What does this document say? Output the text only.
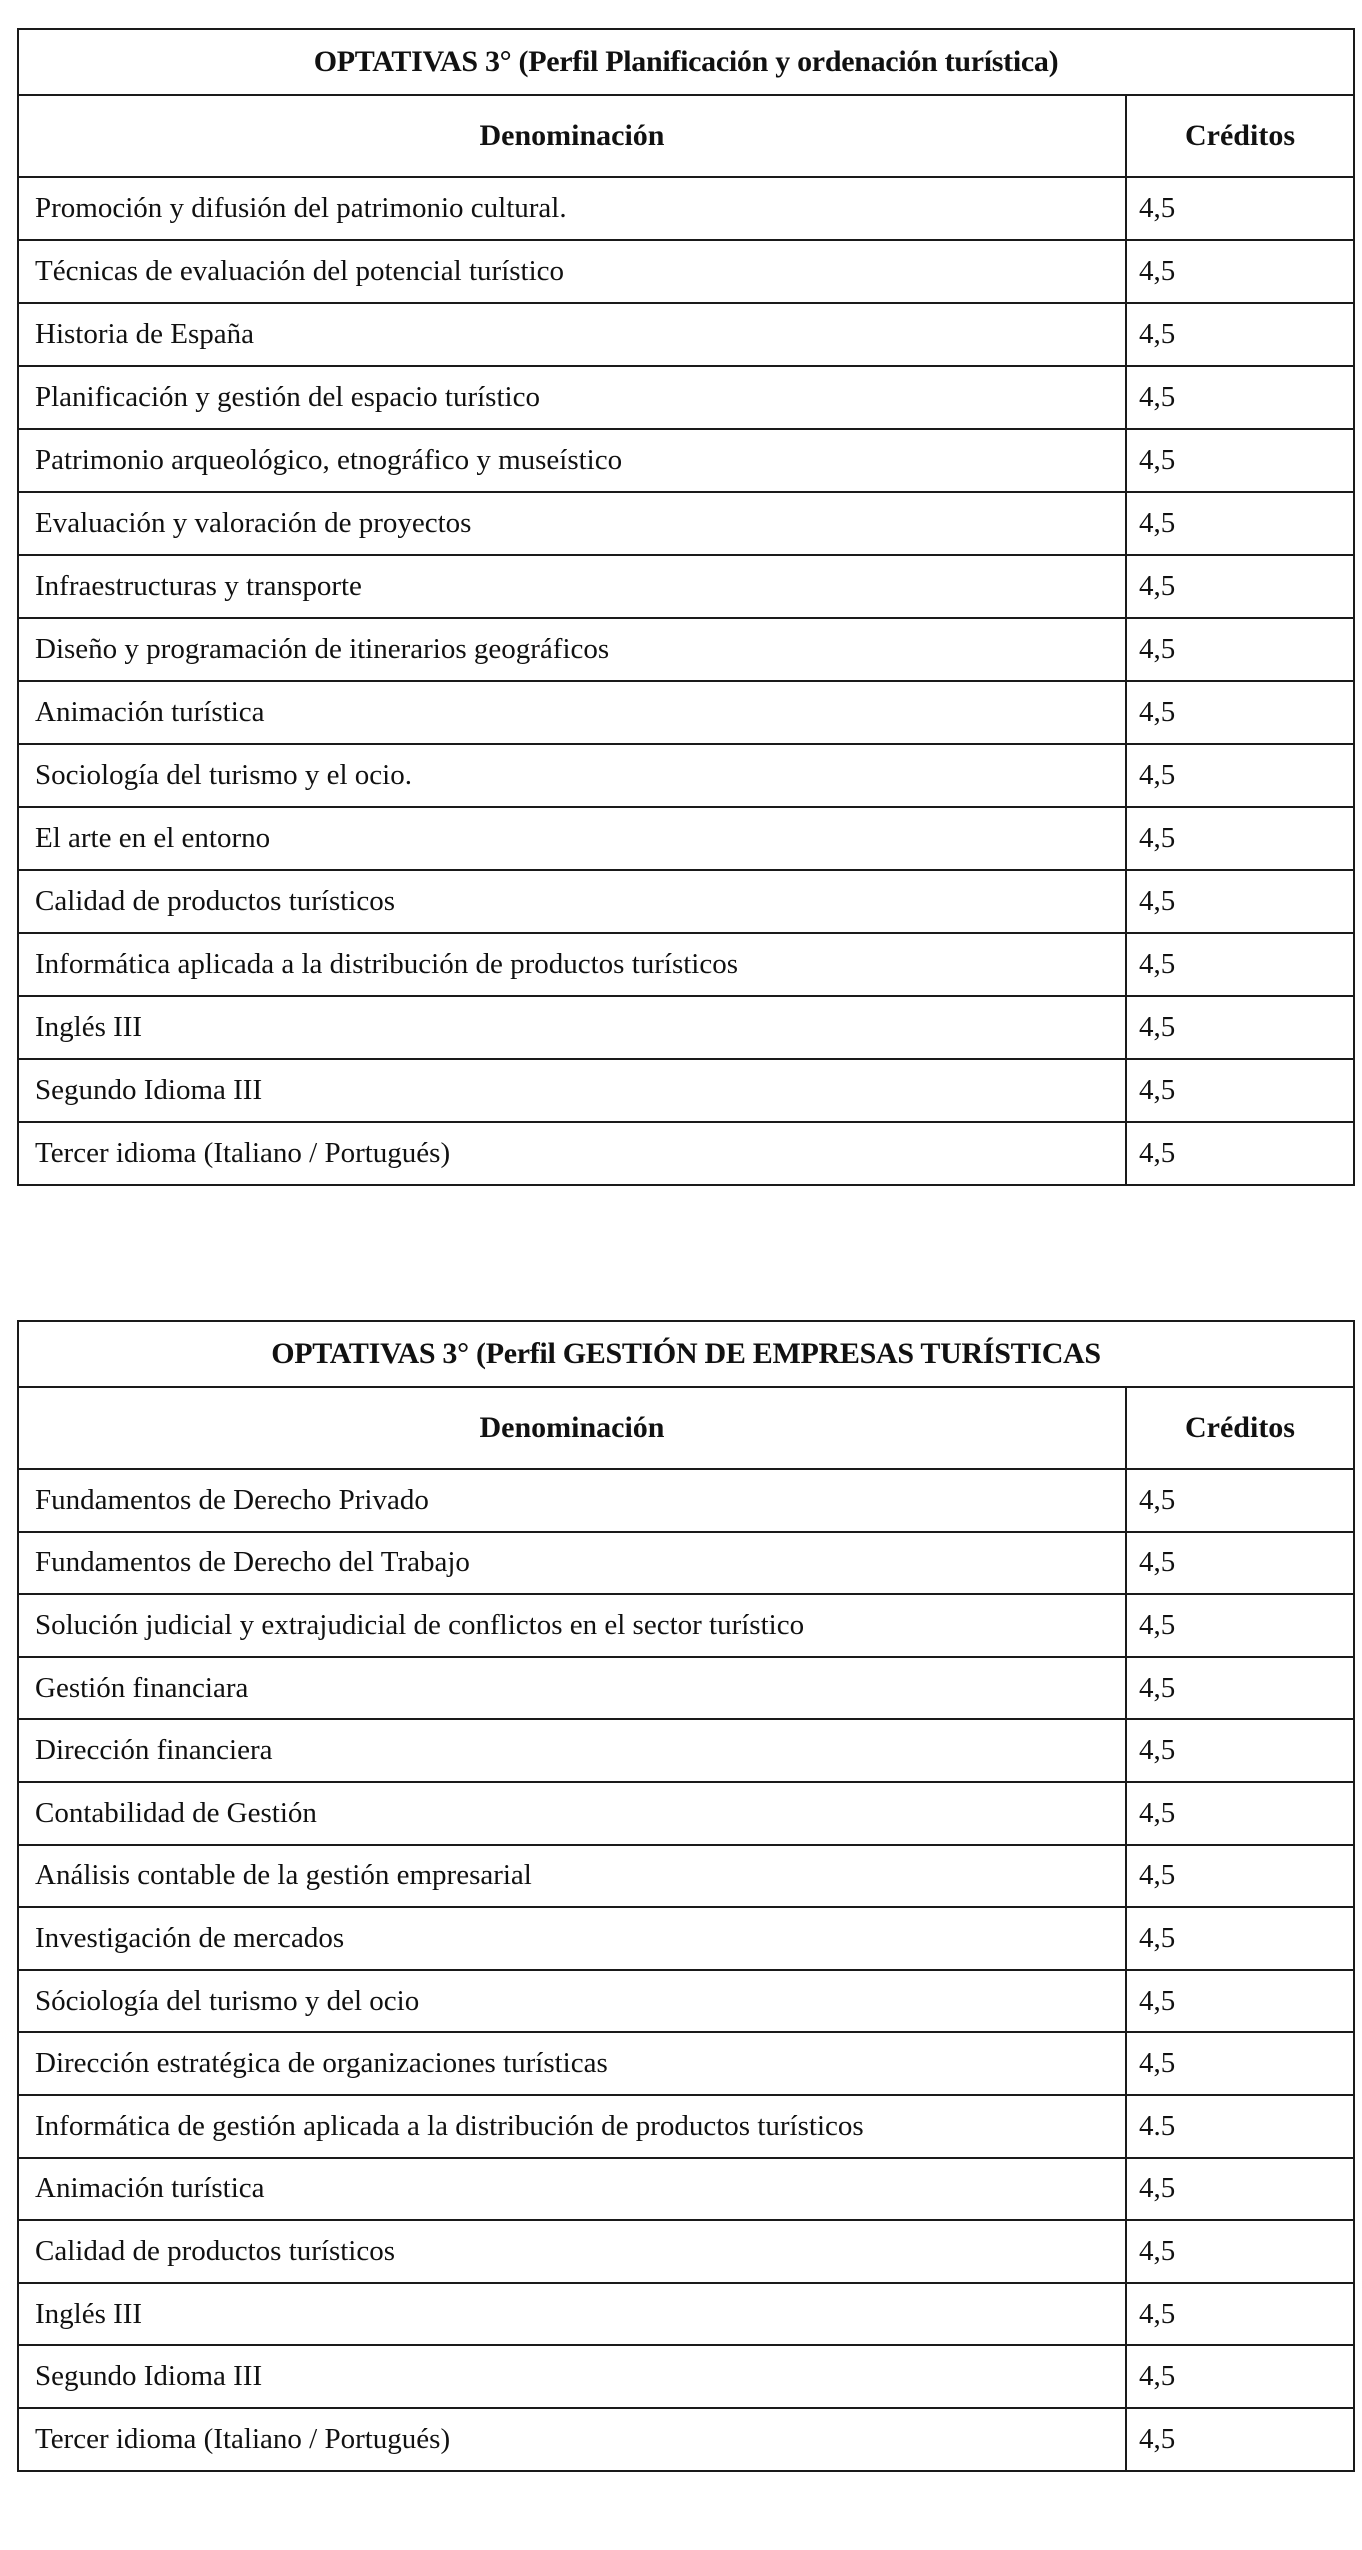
OPTATIVAS 3° (Perfil Planificación y ordenación turística)	
Denominación	Créditos
Promoción y difusión del patrimonio cultural.	4,5
Técnicas de evaluación del potencial turístico	4,5
Historia de España	4,5
Planificación y gestión del espacio turístico	4,5
Patrimonio arqueológico, etnográfico y museístico	4,5
Evaluación y valoración de proyectos	4,5
Infraestructuras y transporte	4,5
Diseño y programación de itinerarios geográficos	4,5
Animación turística	4,5
Sociología del turismo y el ocio.	4,5
El arte en el entorno	4,5
Calidad de productos turísticos	4,5
Informática aplicada a la distribución de productos turísticos	4,5
Inglés III	4,5
Segundo Idioma III	4,5
Tercer idioma (Italiano / Portugués)	4,5
OPTATIVAS 3° (Perfil GESTIÓN DE EMPRESAS TURÍSTICAS	
Denominación	Créditos
Fundamentos de Derecho Privado	4,5
Fundamentos de Derecho del Trabajo	4,5
Solución judicial y extrajudicial de conflictos en el sector turístico	4,5
Gestión financiara	4,5
Dirección financiera	4,5
Contabilidad de Gestión	4,5
Análisis contable de la gestión empresarial	4,5
Investigación de mercados	4,5
Sóciología del turismo y del ocio	4,5
Dirección estratégica de organizaciones turísticas	4,5
Informática de gestión aplicada a la distribución de productos turísticos	4.5
Animación turística	4,5
Calidad de productos turísticos	4,5
Inglés III	4,5
Segundo Idioma III	4,5
Tercer idioma (Italiano / Portugués)	4,5
